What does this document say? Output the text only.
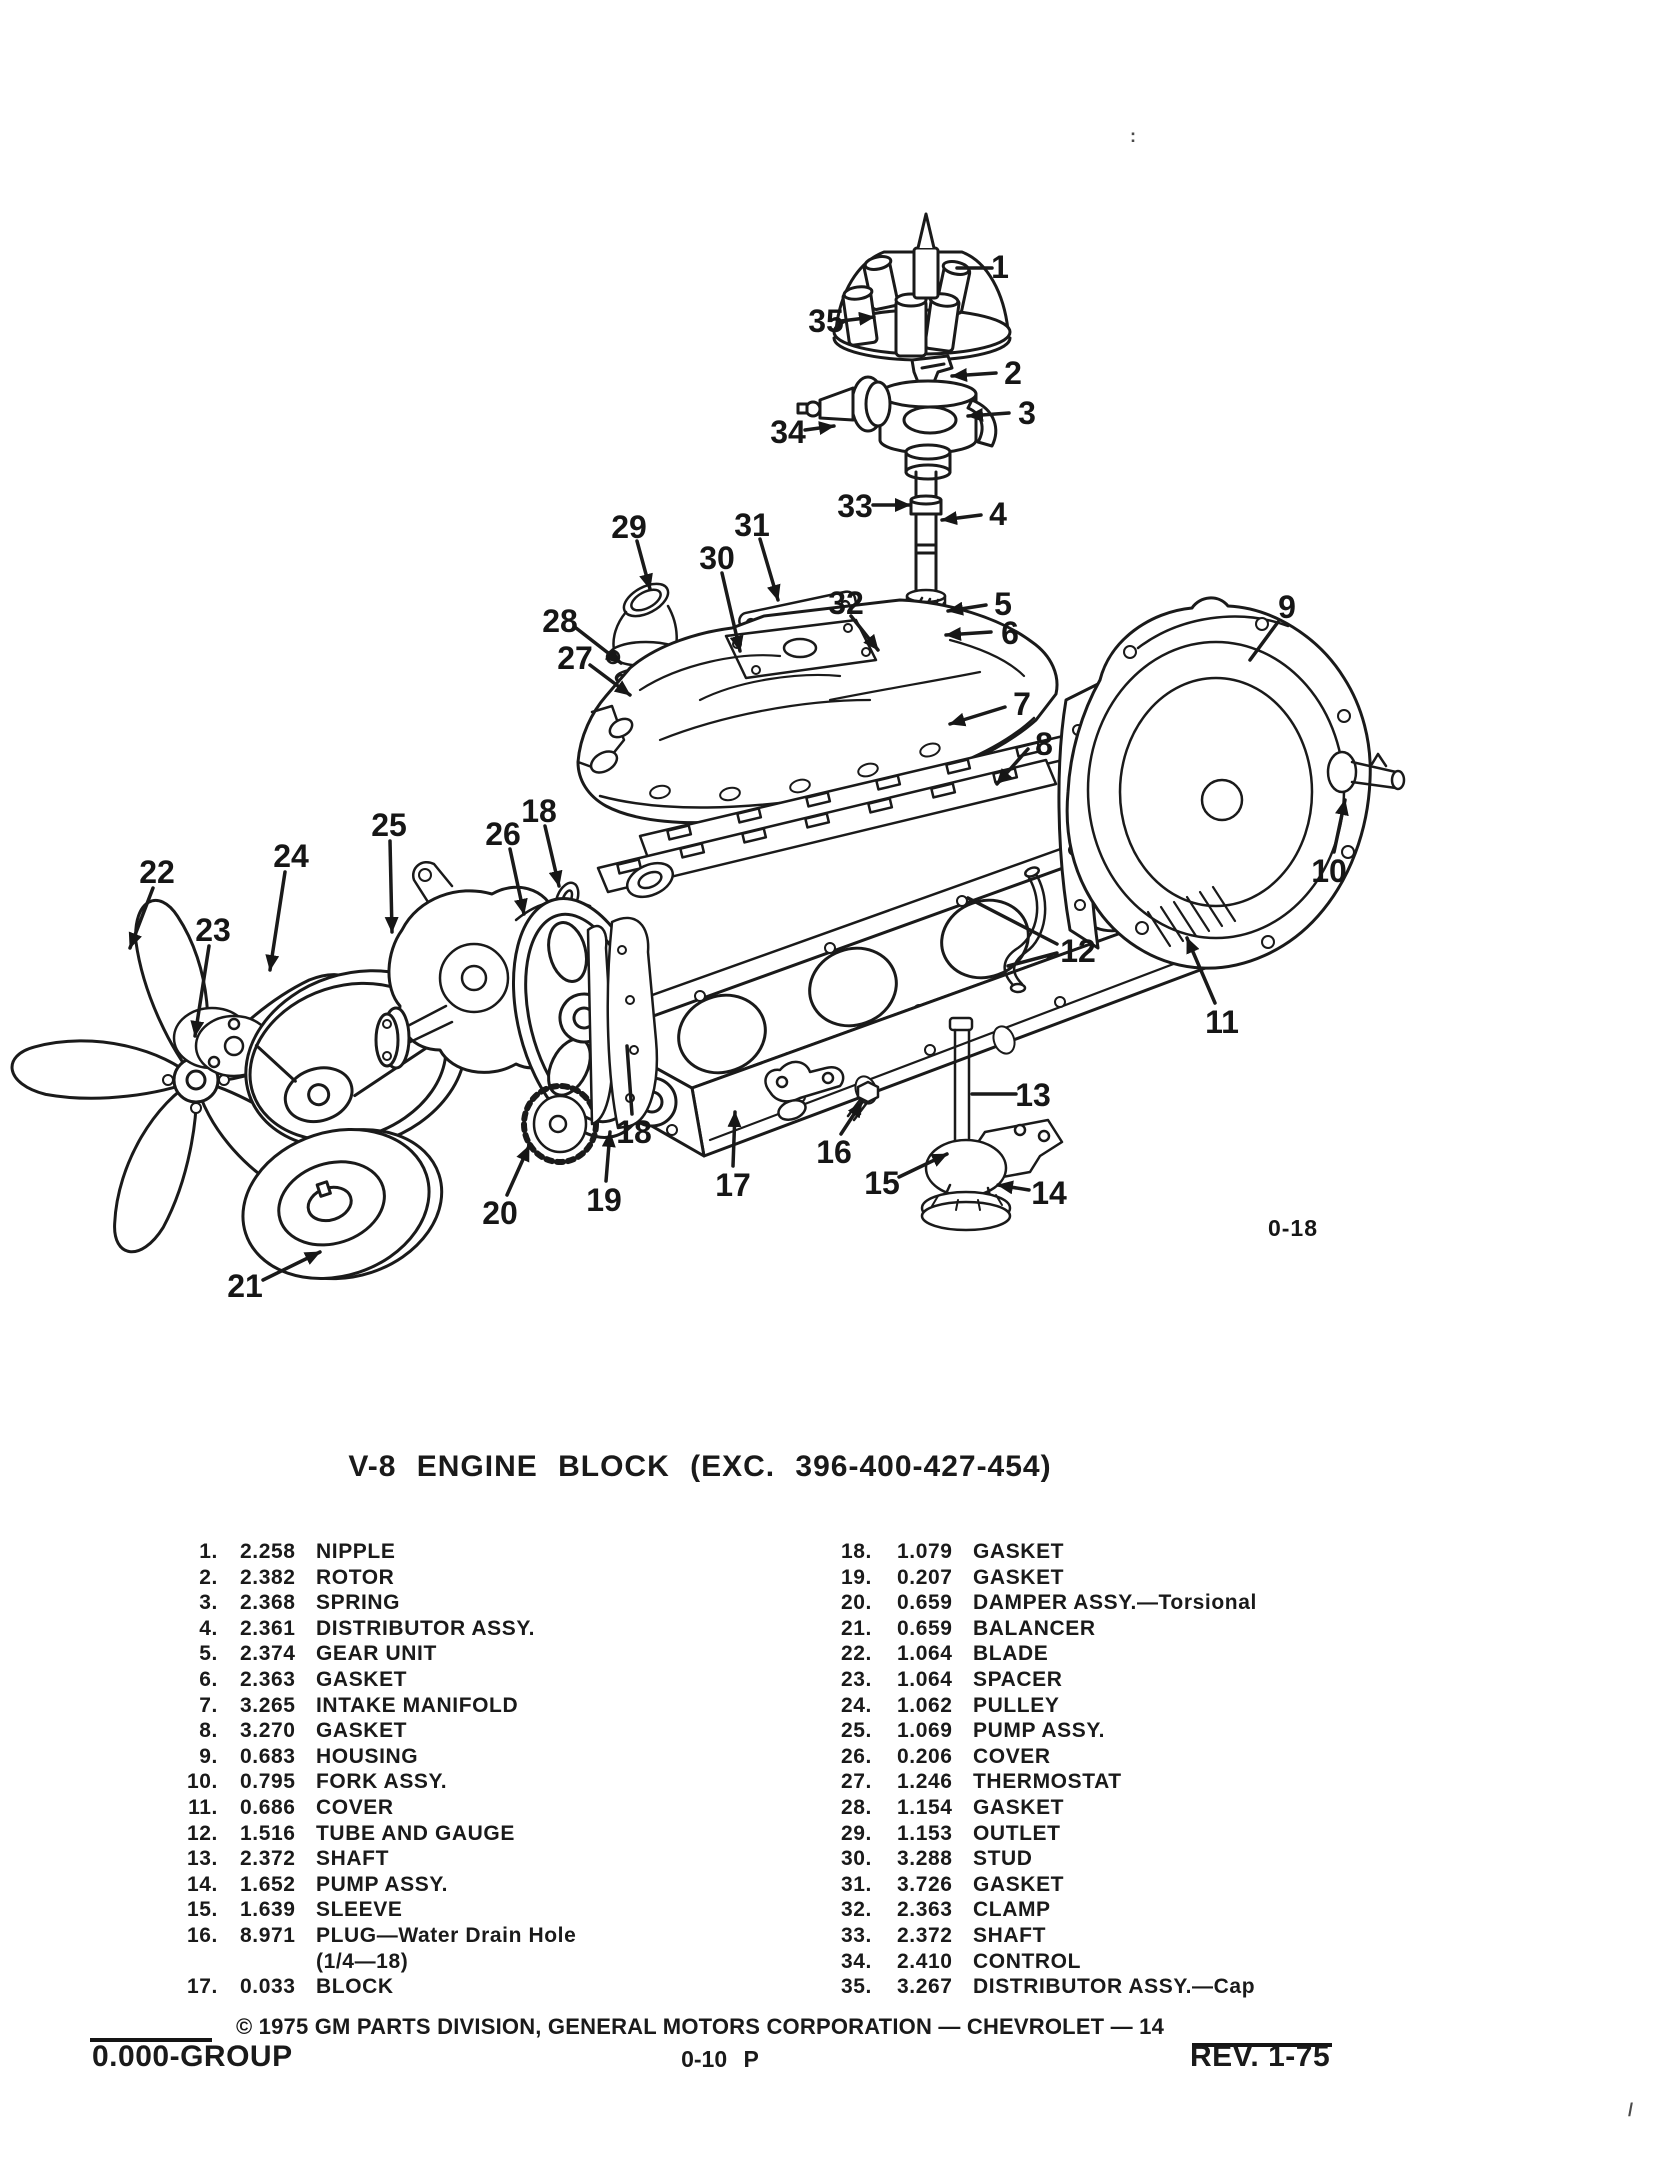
1
2
3
4
5
6
7
8
9
10
11
12
13
14
15
16
17
18
18
19
20
21
22
23
24
25 26
27
28
29
30
31
32
33
34
35
0-18
V-8 ENGINE BLOCK (EXC. 396-400-427-454)
1. 2.258 NIPPLE
2. 2.382 ROTOR
3. 2.368 SPRING
4. 2.361 DISTRIBUTOR ASSY.
5. 2.374 GEAR UNIT
6. 2.363 GASKET
7. 3.265 INTAKE MANIFOLD
8. 3.270 GASKET
9. 0.683 HOUSING
10. 0.795 FORK ASSY.
11. 0.686 COVER
12. 1.516 TUBE AND GAUGE
13. 2.372 SHAFT
14. 1.652 PUMP ASSY.
15. 1.639 SLEEVE
16. 8.971 PLUG—Water Drain Hole
(1/4—18)
17. 0.033 BLOCK
18. 1.079 GASKET
19. 0.207 GASKET
20. 0.659 DAMPER ASSY.—Torsional
21. 0.659 BALANCER
22. 1.064 BLADE
23. 1.064 SPACER
24. 1.062 PULLEY
25. 1.069 PUMP ASSY.
26. 0.206 COVER
27. 1.246 THERMOSTAT
28. 1.154 GASKET
29. 1.153 OUTLET
30. 3.288 STUD
31. 3.726 GASKET
32. 2.363 CLAMP
33. 2.372 SHAFT
34. 2.410 CONTROL
35. 3.267 DISTRIBUTOR ASSY.—Cap
© 1975 GM PARTS DIVISION, GENERAL MOTORS CORPORATION — CHEVROLET — 14
0.000-GROUP	0-10 P	REV. 1-75
:
/
